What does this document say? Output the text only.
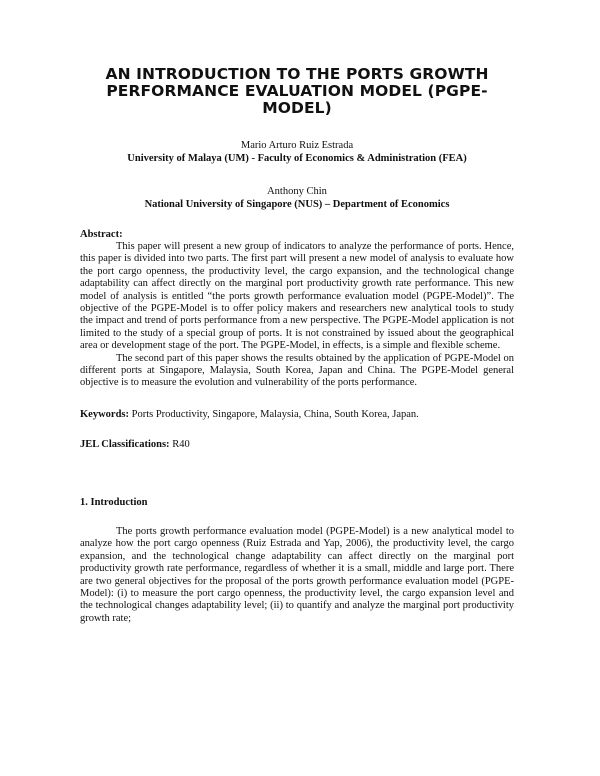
AN INTRODUCTION TO THE PORTS GROWTH
PERFORMANCE EVALUATION MODEL (PGPE-MODEL)
Mario Arturo Ruiz Estrada
University of Malaya (UM) - Faculty of Economics & Administration (FEA)
Anthony Chin
National University of Singapore (NUS) – Department of Economics
Abstract:

This paper will present a new group of indicators to analyze the performance of ports. Hence, this paper is divided into two parts. The first part will present a new model of analysis to evaluate how the port cargo openness, the productivity level, the cargo expansion, and the technological change adaptability can affect directly on the marginal port productivity growth rate performance. This new model of analysis is entitled “the ports growth performance evaluation model (PGPE-Model)”. The objective of the PGPE-Model is to offer policy makers and researchers new analytical tools to study the impact and trend of ports performance from a new perspective. The PGPE-Model application is not limited to the study of a special group of ports. It is not constrained by issued about the geographical area or development stage of the port. The PGPE-Model, in effects, is a simple and flexible scheme.

The second part of this paper shows the results obtained by the application of PGPE-Model on different ports at Singapore, Malaysia, South Korea, Japan and China. The PGPE-Model general objective is to measure the evolution and vulnerability of the ports performance.

Keywords: Ports Productivity, Singapore, Malaysia, China, South Korea, Japan.
JEL Classifications: R40
1. Introduction

The ports growth performance evaluation model (PGPE-Model) is a new analytical model to analyze how the port cargo openness (Ruiz Estrada and Yap, 2006), the productivity level, the cargo expansion, and the technological change adaptability can affect directly on the marginal port productivity growth rate performance, regardless of whether it is a small, middle and large port. There are two general objectives for the proposal of the ports growth performance evaluation model (PGPE-Model): (i) to measure the port cargo openness, the productivity level, the cargo expansion level and the technological changes adaptability level; (ii) to quantify and analyze the marginal port productivity growth rate;
